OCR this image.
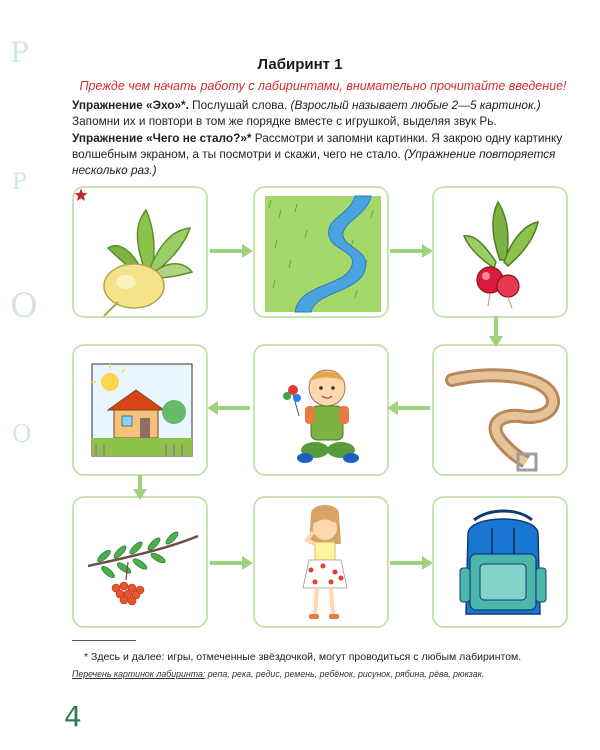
Р
Р
О
О
Лабиринт 1
Прежде чем начать работу с лабиринтами, внимательно прочитайте введение!
Упражнение «Эхо»*. Послушай слова. (Взрослый называет любые 2—5 картинок.) Запомни их и повтори в том же порядке вместе с игрушкой, выделяя звук Рь.
Упражнение «Чего не стало?»* Рассмотри и запомни картинки. Я закрою одну картинку волшебным экраном, а ты посмотри и скажи, чего не стало. (Упражнение повторяется несколько раз.)
* Здесь и далее: игры, отмеченные звёздочкой, могут проводиться с любым лабиринтом.
Перечень картинок лабиринта: репа, река, редис, ремень, ребёнок, рисунок, рябина, рёва, рюкзак.
4
